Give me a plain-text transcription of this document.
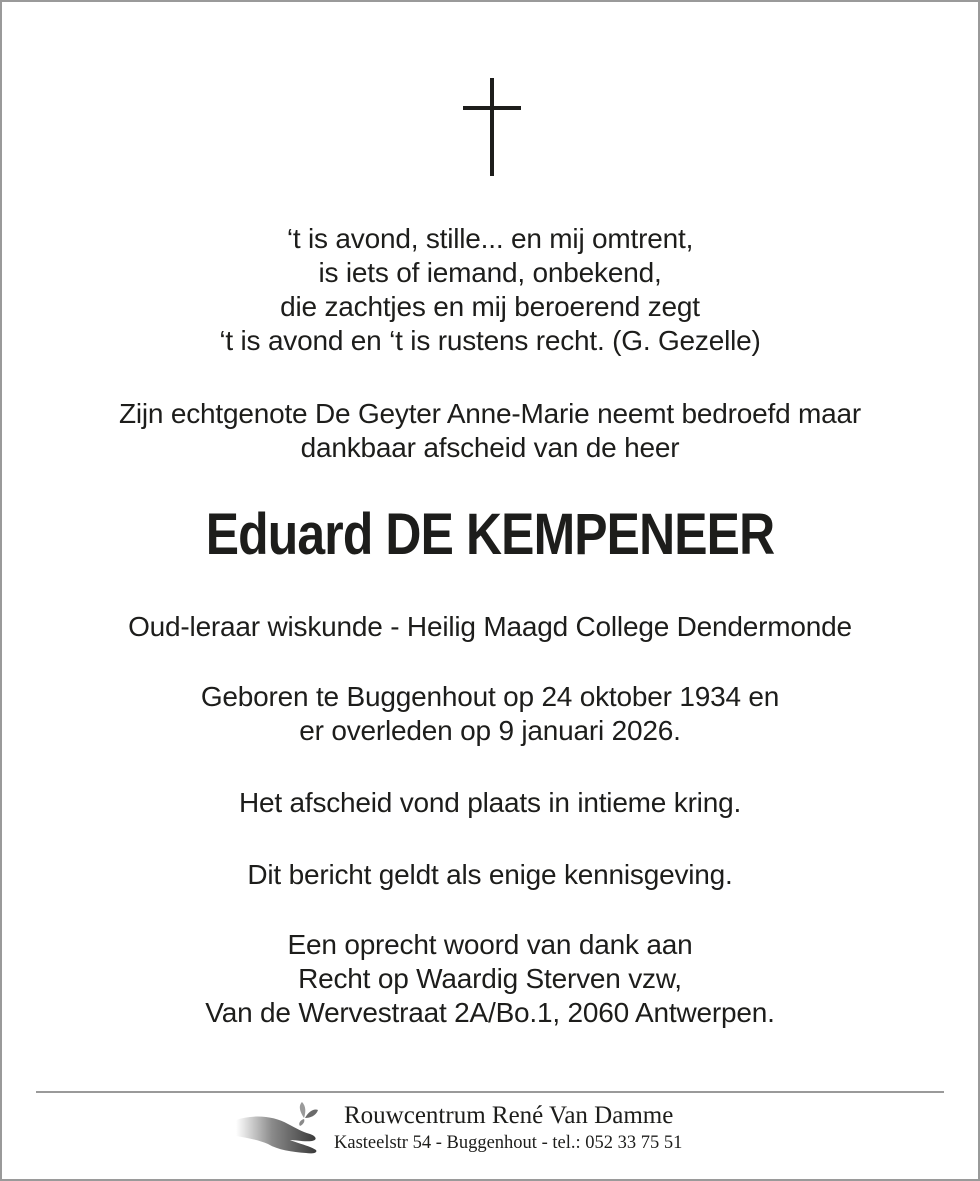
‘t is avond, stille... en mij omtrent,
is iets of iemand, onbekend,
die zachtjes en mij beroerend zegt
‘t is avond en ‘t is rustens recht. (G. Gezelle)
Zijn echtgenote De Geyter Anne-Marie neemt bedroefd maar
dankbaar afscheid van de heer
Eduard DE KEMPENEER
Oud-leraar wiskunde - Heilig Maagd College Dendermonde
Geboren te Buggenhout op 24 oktober 1934 en
er overleden op 9 januari 2026.
Het afscheid vond plaats in intieme kring.
Dit bericht geldt als enige kennisgeving.
Een oprecht woord van dank aan
Recht op Waardig Sterven vzw,
Van de Wervestraat 2A/Bo.1, 2060 Antwerpen.
Rouwcentrum René Van Damme
Kasteelstr 54 - Buggenhout - tel.: 052 33 75 51
